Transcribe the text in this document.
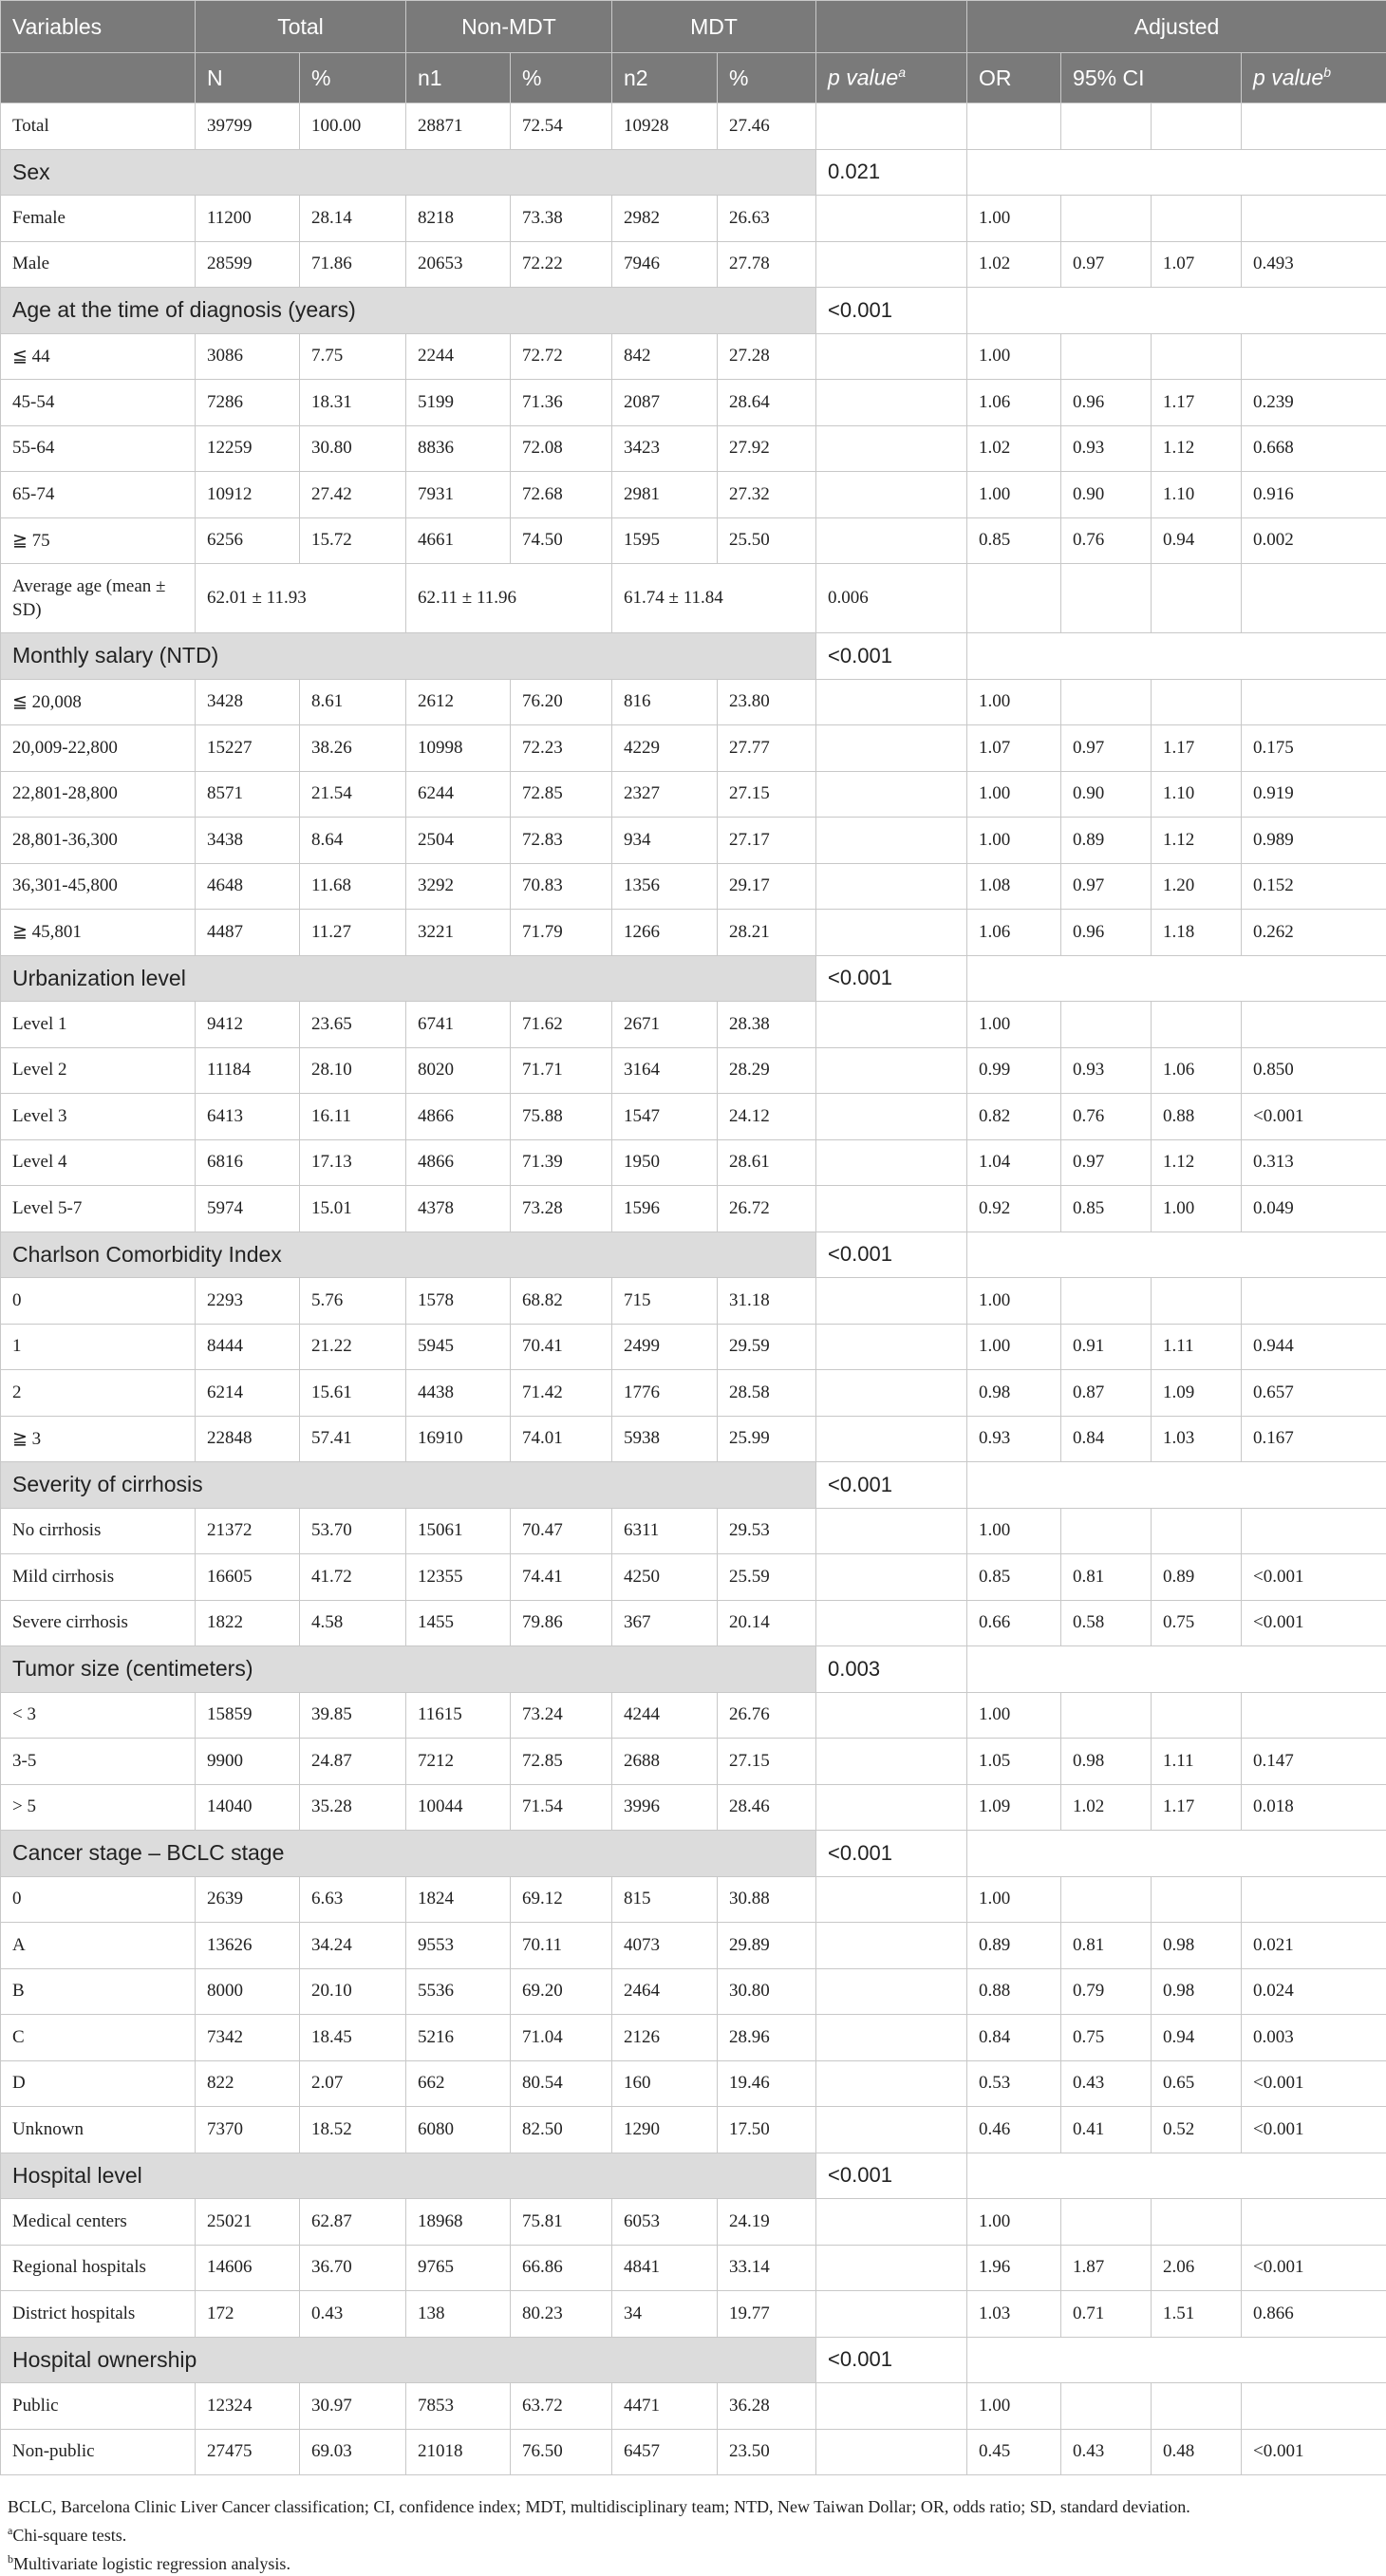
Variables	Total		Non-MDT		MDT			Adjusted			
	N	%	n1	%	n2	%	p value$^a$	OR	95% CI		p value$^b$
Total	39799	100.00	28871	72.54	10928	27.46					
Sex							0.021				
Female	11200	28.14	8218	73.38	2982	26.63		1.00			
Male	28599	71.86	20653	72.22	7946	27.78		1.02	0.97	1.07	0.493
Age at the time of diagnosis (years)							<0.001				
≦ 44	3086	7.75	2244	72.72	842	27.28		1.00			
45-54	7286	18.31	5199	71.36	2087	28.64		1.06	0.96	1.17	0.239
55-64	12259	30.80	8836	72.08	3423	27.92		1.02	0.93	1.12	0.668
65-74	10912	27.42	7931	72.68	2981	27.32		1.00	0.90	1.10	0.916
≧ 75	6256	15.72	4661	74.50	1595	25.50		0.85	0.76	0.94	0.002
Average age (mean ± SD)	62.01 ± 11.93		62.11 ± 11.96		61.74 ± 11.84		0.006				
Monthly salary (NTD)							<0.001				
≦ 20,008	3428	8.61	2612	76.20	816	23.80		1.00			
20,009-22,800	15227	38.26	10998	72.23	4229	27.77		1.07	0.97	1.17	0.175
22,801-28,800	8571	21.54	6244	72.85	2327	27.15		1.00	0.90	1.10	0.919
28,801-36,300	3438	8.64	2504	72.83	934	27.17		1.00	0.89	1.12	0.989
36,301-45,800	4648	11.68	3292	70.83	1356	29.17		1.08	0.97	1.20	0.152
≧ 45,801	4487	11.27	3221	71.79	1266	28.21		1.06	0.96	1.18	0.262
Urbanization level							<0.001				
Level 1	9412	23.65	6741	71.62	2671	28.38		1.00			
Level 2	11184	28.10	8020	71.71	3164	28.29		0.99	0.93	1.06	0.850
Level 3	6413	16.11	4866	75.88	1547	24.12		0.82	0.76	0.88	<0.001
Level 4	6816	17.13	4866	71.39	1950	28.61		1.04	0.97	1.12	0.313
Level 5-7	5974	15.01	4378	73.28	1596	26.72		0.92	0.85	1.00	0.049
Charlson Comorbidity Index							<0.001				
0	2293	5.76	1578	68.82	715	31.18		1.00			
1	8444	21.22	5945	70.41	2499	29.59		1.00	0.91	1.11	0.944
2	6214	15.61	4438	71.42	1776	28.58		0.98	0.87	1.09	0.657
≧ 3	22848	57.41	16910	74.01	5938	25.99		0.93	0.84	1.03	0.167
Severity of cirrhosis							<0.001				
No cirrhosis	21372	53.70	15061	70.47	6311	29.53		1.00			
Mild cirrhosis	16605	41.72	12355	74.41	4250	25.59		0.85	0.81	0.89	<0.001
Severe cirrhosis	1822	4.58	1455	79.86	367	20.14		0.66	0.58	0.75	<0.001
Tumor size (centimeters)							0.003				
< 3	15859	39.85	11615	73.24	4244	26.76		1.00			
3-5	9900	24.87	7212	72.85	2688	27.15		1.05	0.98	1.11	0.147
> 5	14040	35.28	10044	71.54	3996	28.46		1.09	1.02	1.17	0.018
Cancer stage – BCLC stage							<0.001				
0	2639	6.63	1824	69.12	815	30.88		1.00			
A	13626	34.24	9553	70.11	4073	29.89		0.89	0.81	0.98	0.021
B	8000	20.10	5536	69.20	2464	30.80		0.88	0.79	0.98	0.024
C	7342	18.45	5216	71.04	2126	28.96		0.84	0.75	0.94	0.003
D	822	2.07	662	80.54	160	19.46		0.53	0.43	0.65	<0.001
Unknown	7370	18.52	6080	82.50	1290	17.50		0.46	0.41	0.52	<0.001
Hospital level							<0.001				
Medical centers	25021	62.87	18968	75.81	6053	24.19		1.00			
Regional hospitals	14606	36.70	9765	66.86	4841	33.14		1.96	1.87	2.06	<0.001
District hospitals	172	0.43	138	80.23	34	19.77		1.03	0.71	1.51	0.866
Hospital ownership							<0.001				
Public	12324	30.97	7853	63.72	4471	36.28		1.00			
Non-public	27475	69.03	21018	76.50	6457	23.50		0.45	0.43	0.48	<0.001
BCLC, Barcelona Clinic Liver Cancer classification; CI, confidence index; MDT, multidisciplinary team; NTD, New Taiwan Dollar; OR, odds ratio; SD, standard deviation.
$^a$Chi-square tests.
$^b$Multivariate logistic regression analysis.
